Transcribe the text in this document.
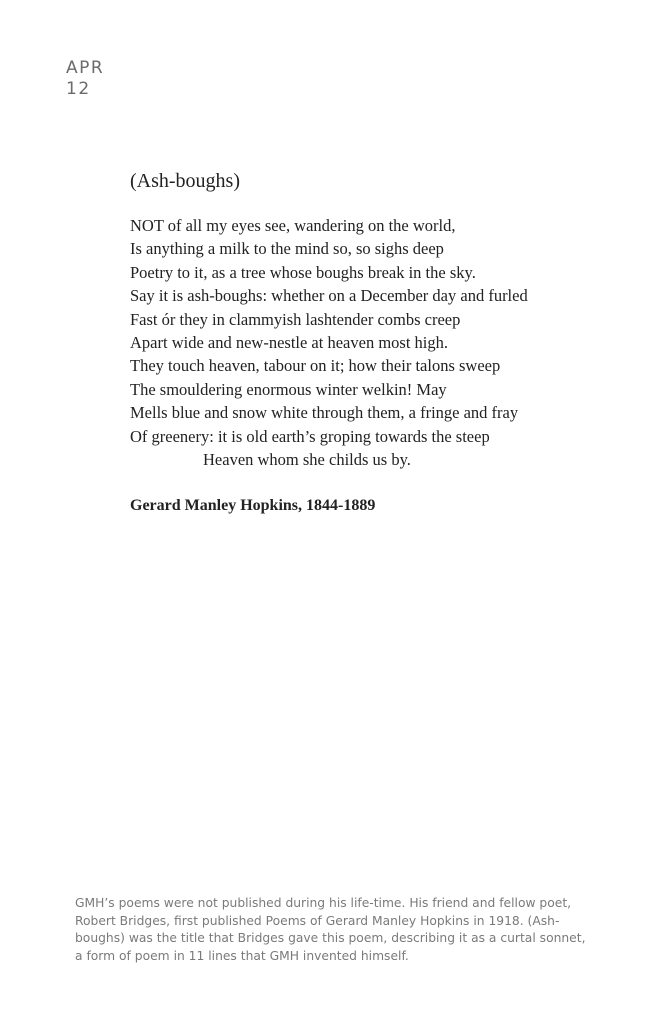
APR
12
(Ash-boughs)
NOT of all my eyes see, wandering on the world,
Is anything a milk to the mind so, so sighs deep
Poetry to it, as a tree whose boughs break in the sky.
Say it is ash-boughs: whether on a December day and furled
Fast ór they in clammyish lashtender combs creep
Apart wide and new-nestle at heaven most high.
They touch heaven, tabour on it; how their talons sweep
The smouldering enormous winter welkin! May
Mells blue and snow white through them, a fringe and fray
Of greenery: it is old earth’s groping towards the steep
Heaven whom she childs us by.
Gerard Manley Hopkins, 1844-1889
GMH’s poems were not published during his life-time. His friend and fellow poet, Robert Bridges, first published Poems of Gerard Manley Hopkins in 1918. (Ash-boughs) was the title that Bridges gave this poem, describing it as a curtal sonnet, a form of poem in 11 lines that GMH invented himself.
